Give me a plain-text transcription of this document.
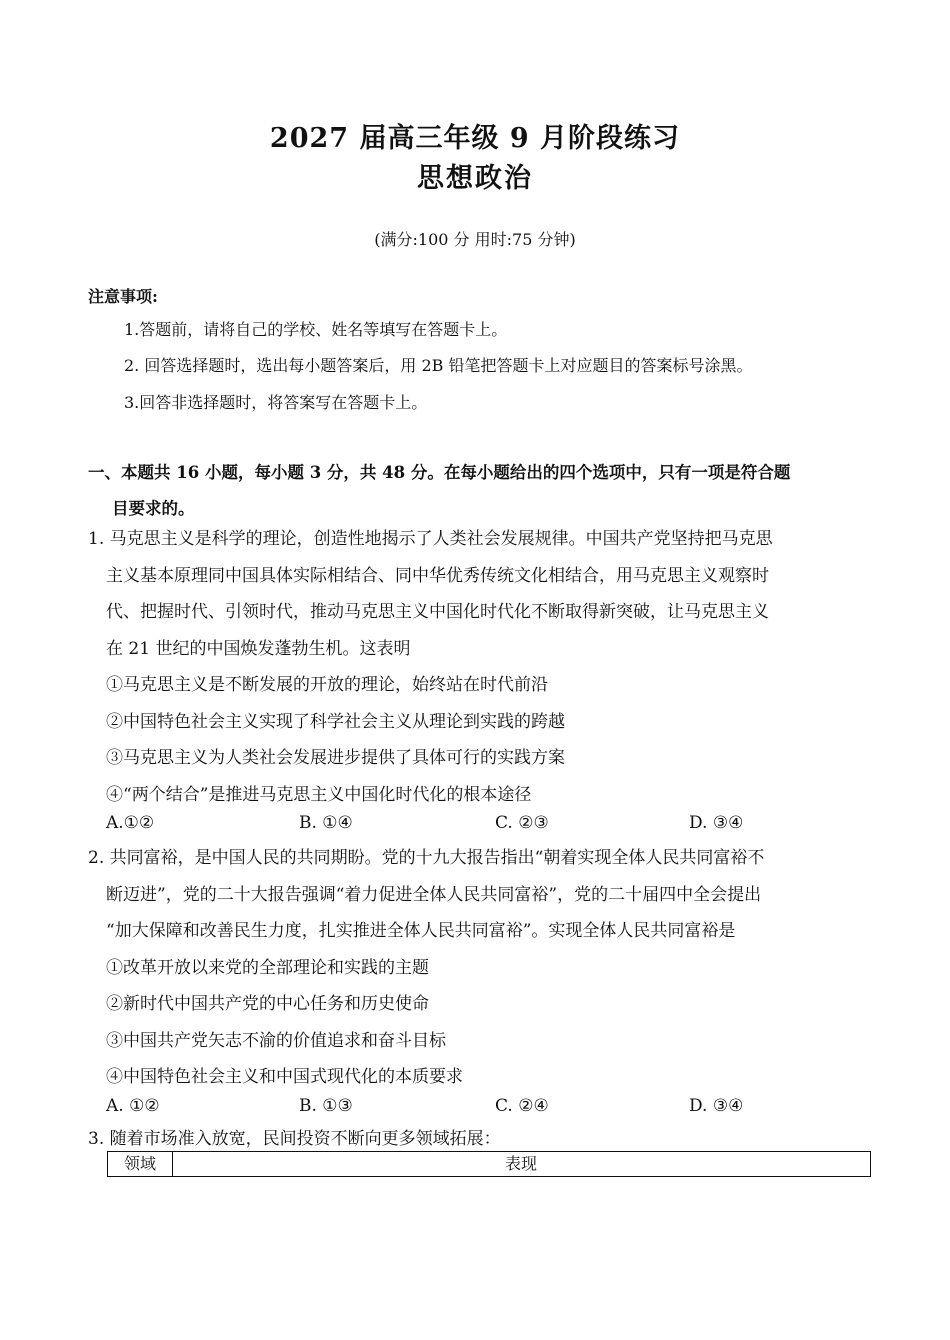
2027 届高三年级 9 月阶段练习
思想政治
(满分:100 分 用时:75 分钟)
注意事项:
1.答题前，请将自己的学校、姓名等填写在答题卡上。
2. 回答选择题时，选出每小题答案后，用 2B 铅笔把答题卡上对应题目的答案标号涂黑。
3.回答非选择题时，将答案写在答题卡上。
一、本题共 16 小题，每小题 3 分，共 48 分。在每小题给出的四个选项中，只有一项是符合题
目要求的。
1. 马克思主义是科学的理论，创造性地揭示了人类社会发展规律。中国共产党坚持把马克思
主义基本原理同中国具体实际相结合、同中华优秀传统文化相结合，用马克思主义观察时
代、把握时代、引领时代，推动马克思主义中国化时代化不断取得新突破，让马克思主义
在 21 世纪的中国焕发蓬勃生机。这表明
①马克思主义是不断发展的开放的理论，始终站在时代前沿
②中国特色社会主义实现了科学社会主义从理论到实践的跨越
③马克思主义为人类社会发展进步提供了具体可行的实践方案
④“两个结合”是推进马克思主义中国化时代化的根本途径
A.①②	B. ①④	C. ②③	D. ③④
2. 共同富裕，是中国人民的共同期盼。党的十九大报告指出“朝着实现全体人民共同富裕不
断迈进”，党的二十大报告强调“着力促进全体人民共同富裕”，党的二十届四中全会提出
“加大保障和改善民生力度，扎实推进全体人民共同富裕”。实现全体人民共同富裕是
①改革开放以来党的全部理论和实践的主题
②新时代中国共产党的中心任务和历史使命
③中国共产党矢志不渝的价值追求和奋斗目标
④中国特色社会主义和中国式现代化的本质要求
A. ①②	B. ①③	C. ②④	D. ③④
3. 随着市场准入放宽，民间投资不断向更多领域拓展：
领域	表现
